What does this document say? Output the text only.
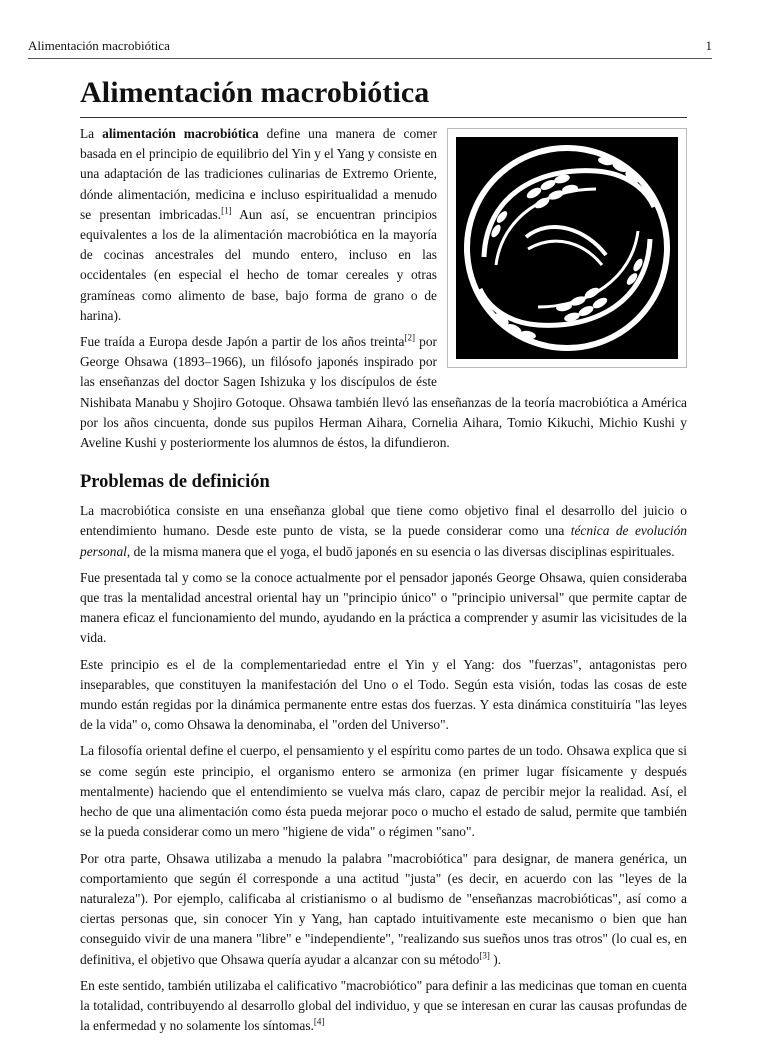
Alimentación macrobiótica	1
Alimentación macrobiótica

La alimentación macrobiótica define una manera de comer basada en el principio de equilibrio del Yin y el Yang y consiste en una adaptación de las tradiciones culinarias de Extremo Oriente, dónde alimentación, medicina e incluso espiritualidad a menudo se presentan imbricadas.[1] Aun así, se encuentran principios equivalentes a los de la alimentación macrobiótica en la mayoría de cocinas ancestrales del mundo entero, incluso en las occidentales (en especial el hecho de tomar cereales y otras gramíneas como alimento de base, bajo forma de grano o de harina).

Fue traída a Europa desde Japón a partir de los años treinta[2] por George Ohsawa (1893–1966), un filósofo japonés inspirado por las enseñanzas del doctor Sagen Ishizuka y los discípulos de éste Nishibata Manabu y Shojiro Gotoque. Ohsawa también llevó las enseñanzas de la teoría macrobiótica a América por los años cincuenta, donde sus pupilos Herman Aihara, Cornelia Aihara, Tomio Kikuchi, Michio Kushi y Aveline Kushi y posteriormente los alumnos de éstos, la difundieron.

Problemas de definición

La macrobiótica consiste en una enseñanza global que tiene como objetivo final el desarrollo del juicio o entendimiento humano. Desde este punto de vista, se la puede considerar como una técnica de evolución personal, de la misma manera que el yoga, el budō japonés en su esencia o las diversas disciplinas espirituales.

Fue presentada tal y como se la conoce actualmente por el pensador japonés George Ohsawa, quien consideraba que tras la mentalidad ancestral oriental hay un "principio único" o "principio universal" que permite captar de manera eficaz el funcionamiento del mundo, ayudando en la práctica a comprender y asumir las vicisitudes de la vida.

Este principio es el de la complementariedad entre el Yin y el Yang: dos "fuerzas", antagonistas pero inseparables, que constituyen la manifestación del Uno o el Todo. Según esta visión, todas las cosas de este mundo están regidas por la dinámica permanente entre estas dos fuerzas. Y esta dinámica constituiría "las leyes de la vida" o, como Ohsawa la denominaba, el "orden del Universo".

La filosofía oriental define el cuerpo, el pensamiento y el espíritu como partes de un todo. Ohsawa explica que si se come según este principio, el organismo entero se armoniza (en primer lugar físicamente y después mentalmente) haciendo que el entendimiento se vuelva más claro, capaz de percibir mejor la realidad. Así, el hecho de que una alimentación como ésta pueda mejorar poco o mucho el estado de salud, permite que también se la pueda considerar como un mero "higiene de vida" o régimen "sano".

Por otra parte, Ohsawa utilizaba a menudo la palabra "macrobiótica" para designar, de manera genérica, un comportamiento que según él corresponde a una actitud "justa" (es decir, en acuerdo con las "leyes de la naturaleza"). Por ejemplo, calificaba al cristianismo o al budismo de "enseñanzas macrobióticas", así como a ciertas personas que, sin conocer Yin y Yang, han captado intuitivamente este mecanismo o bien que han conseguido vivir de una manera "libre" e "independiente", "realizando sus sueños unos tras otros" (lo cual es, en definitiva, el objetivo que Ohsawa quería ayudar a alcanzar con su método[3] ).

En este sentido, también utilizaba el calificativo "macrobiótico" para definir a las medicinas que toman en cuenta la totalidad, contribuyendo al desarrollo global del individuo, y que se interesan en curar las causas profundas de la enfermedad y no solamente los síntomas.[4]
